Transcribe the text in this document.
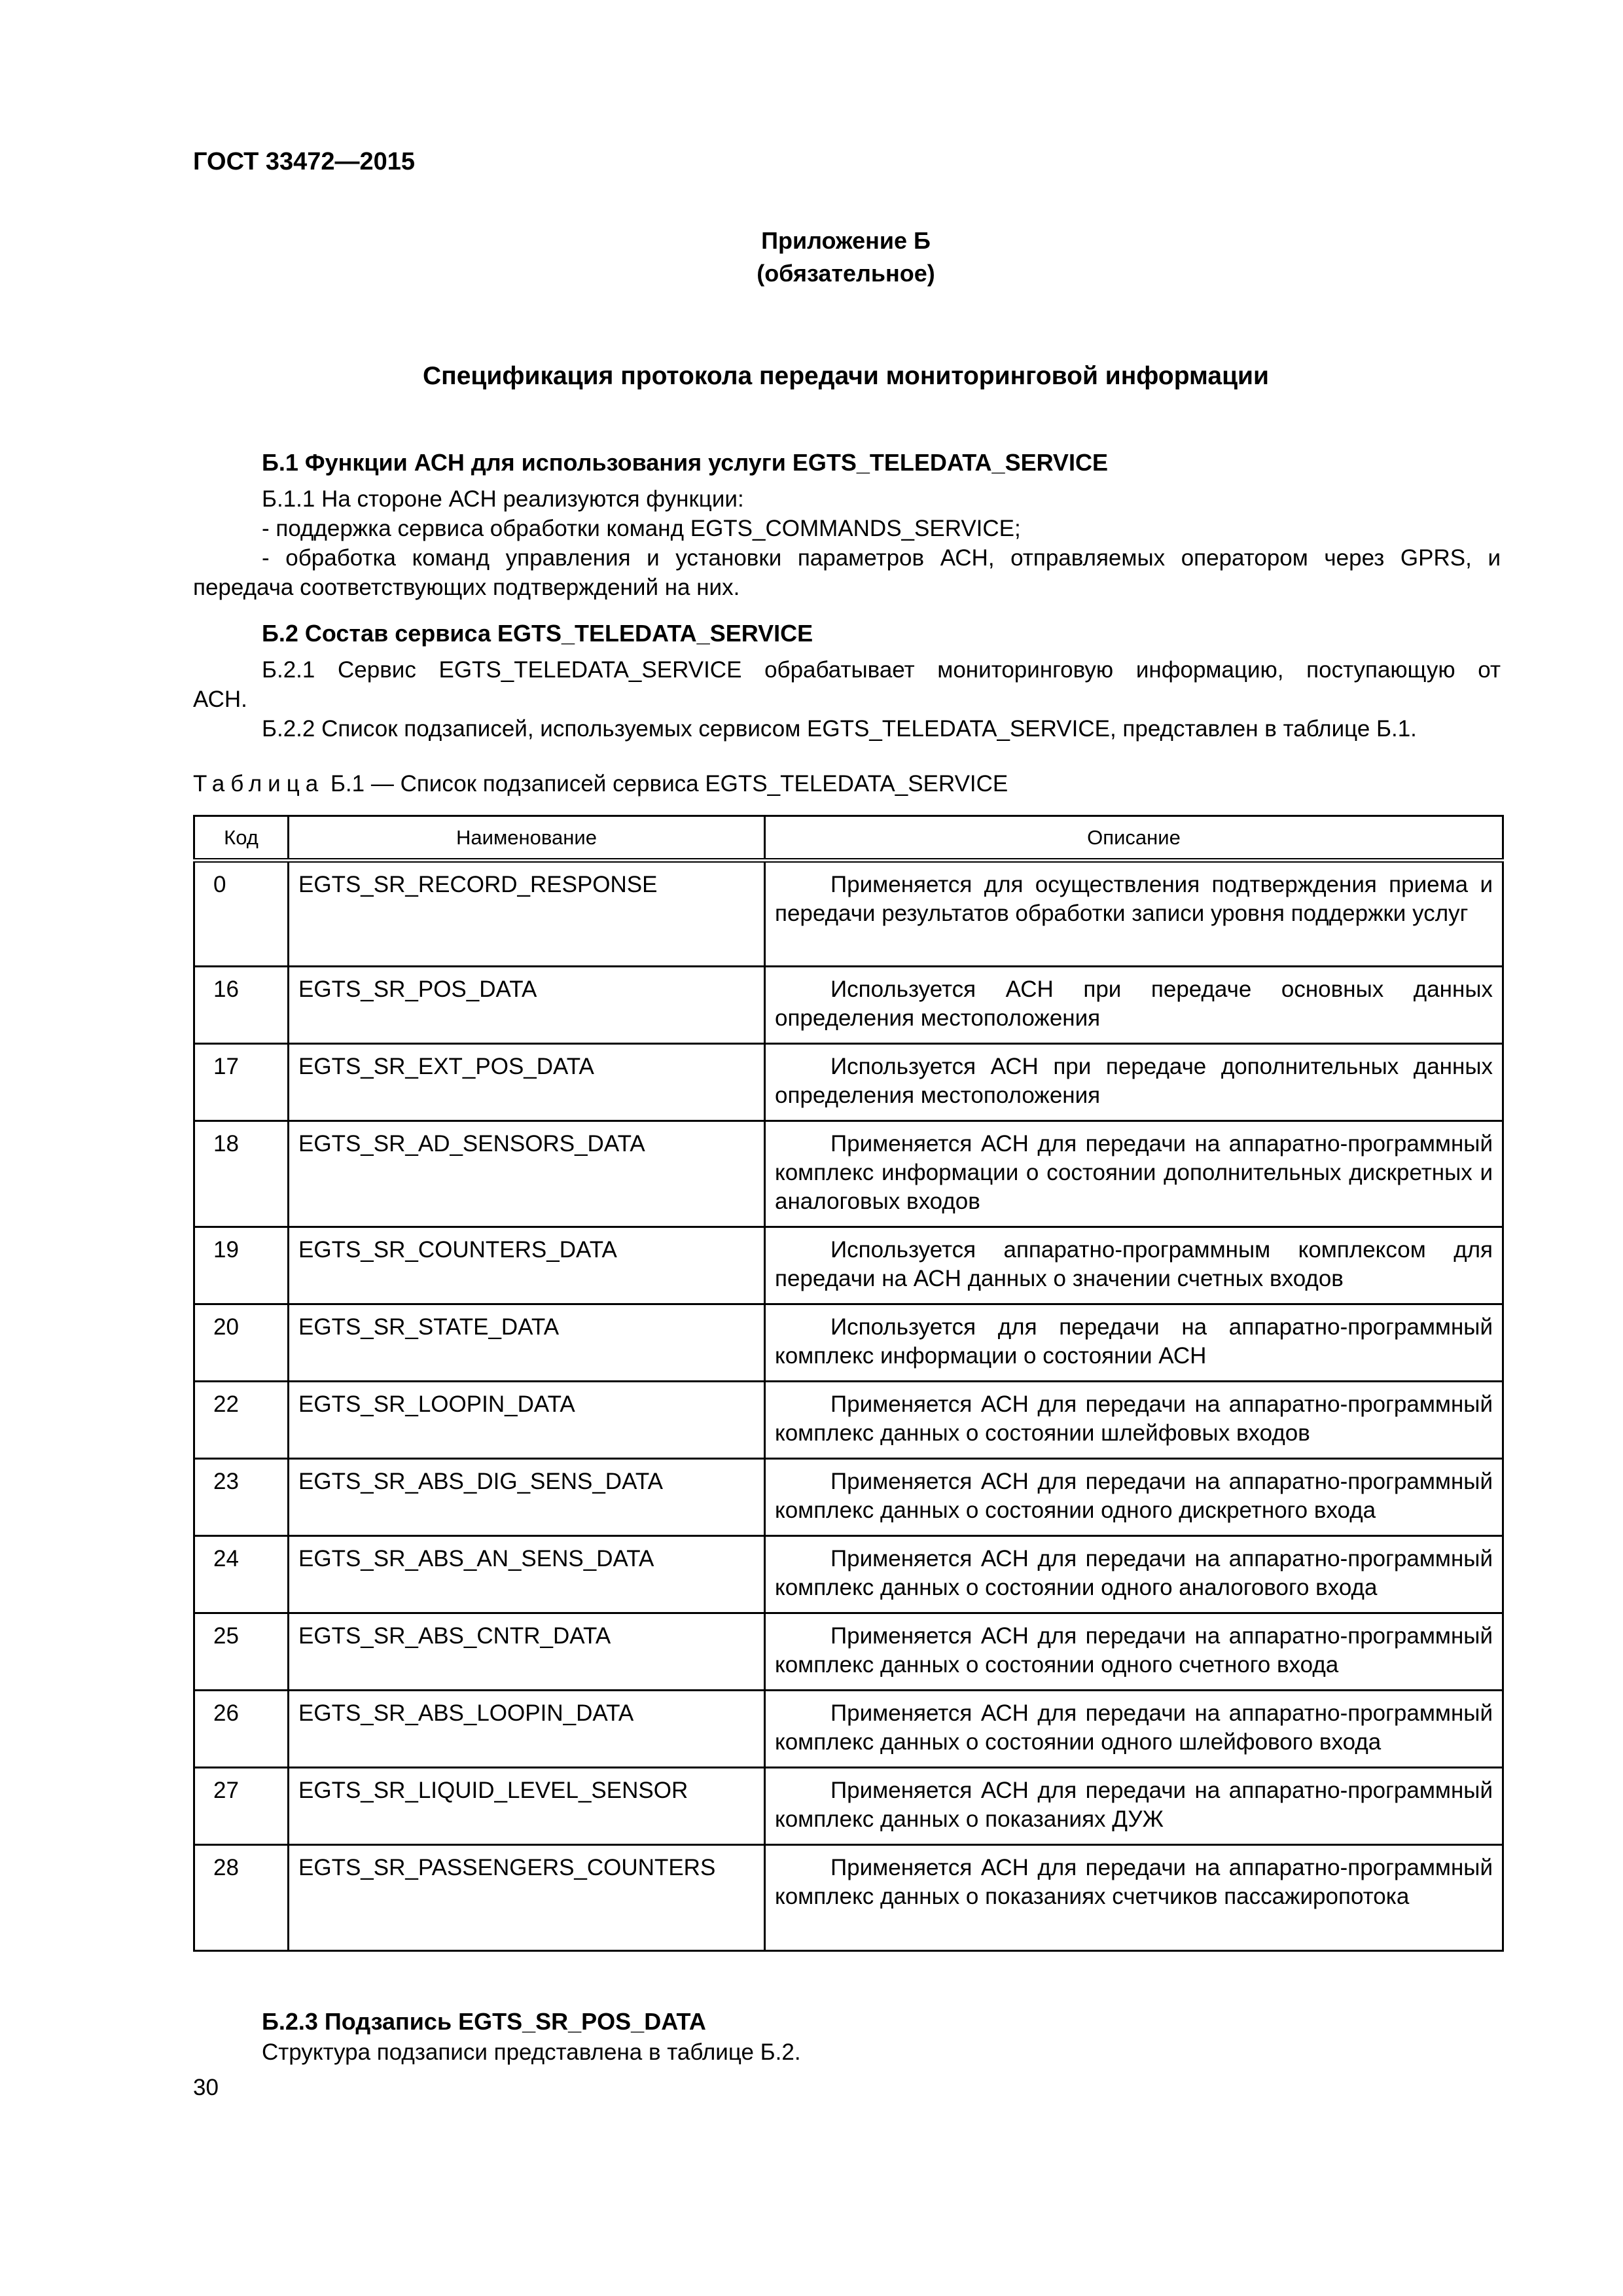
ГОСТ 33472—2015
Приложение Б
(обязательное)
Спецификация протокола передачи мониторинговой информации
Б.1 Функции АСН для использования услуги EGTS_TELEDATA_SERVICE
Б.1.1 На стороне АСН реализуются функции:
- поддержка сервиса обработки команд EGTS_COMMANDS_SERVICE;
- обработка команд управления и установки параметров АСН, отправляемых оператором через GPRS, и
передача соответствующих подтверждений на них.
Б.2 Состав сервиса EGTS_TELEDATA_SERVICE
Б.2.1 Сервис EGTS_TELEDATA_SERVICE обрабатывает мониторинговую информацию, поступающую от
АСН.
Б.2.2 Список подзаписей, используемых сервисом EGTS_TELEDATA_SERVICE, представлен в таблице Б.1.
Таблица Б.1 — Список подзаписей сервиса EGTS_TELEDATA_SERVICE
Код	Наименование	Описание
0	EGTS_SR_RECORD_RESPONSE	Применяется для осуществления подтверждения приема и передачи результатов обработки записи уровня поддержки услуг
16	EGTS_SR_POS_DATA	Используется АСН при передаче основных данных определения местоположения
17	EGTS_SR_EXT_POS_DATA	Используется АСН при передаче дополнительных данных определения местоположения
18	EGTS_SR_AD_SENSORS_DATA	Применяется АСН для передачи на аппаратно-программный комплекс информации о состоянии дополнительных дискретных и аналоговых входов
19	EGTS_SR_COUNTERS_DATA	Используется аппаратно-программным комплексом для передачи на АСН данных о значении счетных входов
20	EGTS_SR_STATE_DATA	Используется для передачи на аппаратно-программный комплекс информации о состоянии АСН
22	EGTS_SR_LOOPIN_DATA	Применяется АСН для передачи на аппаратно-программный комплекс данных о состоянии шлейфовых входов
23	EGTS_SR_ABS_DIG_SENS_DATA	Применяется АСН для передачи на аппаратно-программный комплекс данных о состоянии одного дискретного входа
24	EGTS_SR_ABS_AN_SENS_DATA	Применяется АСН для передачи на аппаратно-программный комплекс данных о состоянии одного аналогового входа
25	EGTS_SR_ABS_CNTR_DATA	Применяется АСН для передачи на аппаратно-программный комплекс данных о состоянии одного счетного входа
26	EGTS_SR_ABS_LOOPIN_DATA	Применяется АСН для передачи на аппаратно-программный комплекс данных о состоянии одного шлейфового входа
27	EGTS_SR_LIQUID_LEVEL_SENSOR	Применяется АСН для передачи на аппаратно-программный комплекс данных о показаниях ДУЖ
28	EGTS_SR_PASSENGERS_COUNTERS	Применяется АСН для передачи на аппаратно-программный комплекс данных о показаниях счетчиков пассажиропотока
Б.2.3 Подзапись EGTS_SR_POS_DATA
Структура подзаписи представлена в таблице Б.2.
30
